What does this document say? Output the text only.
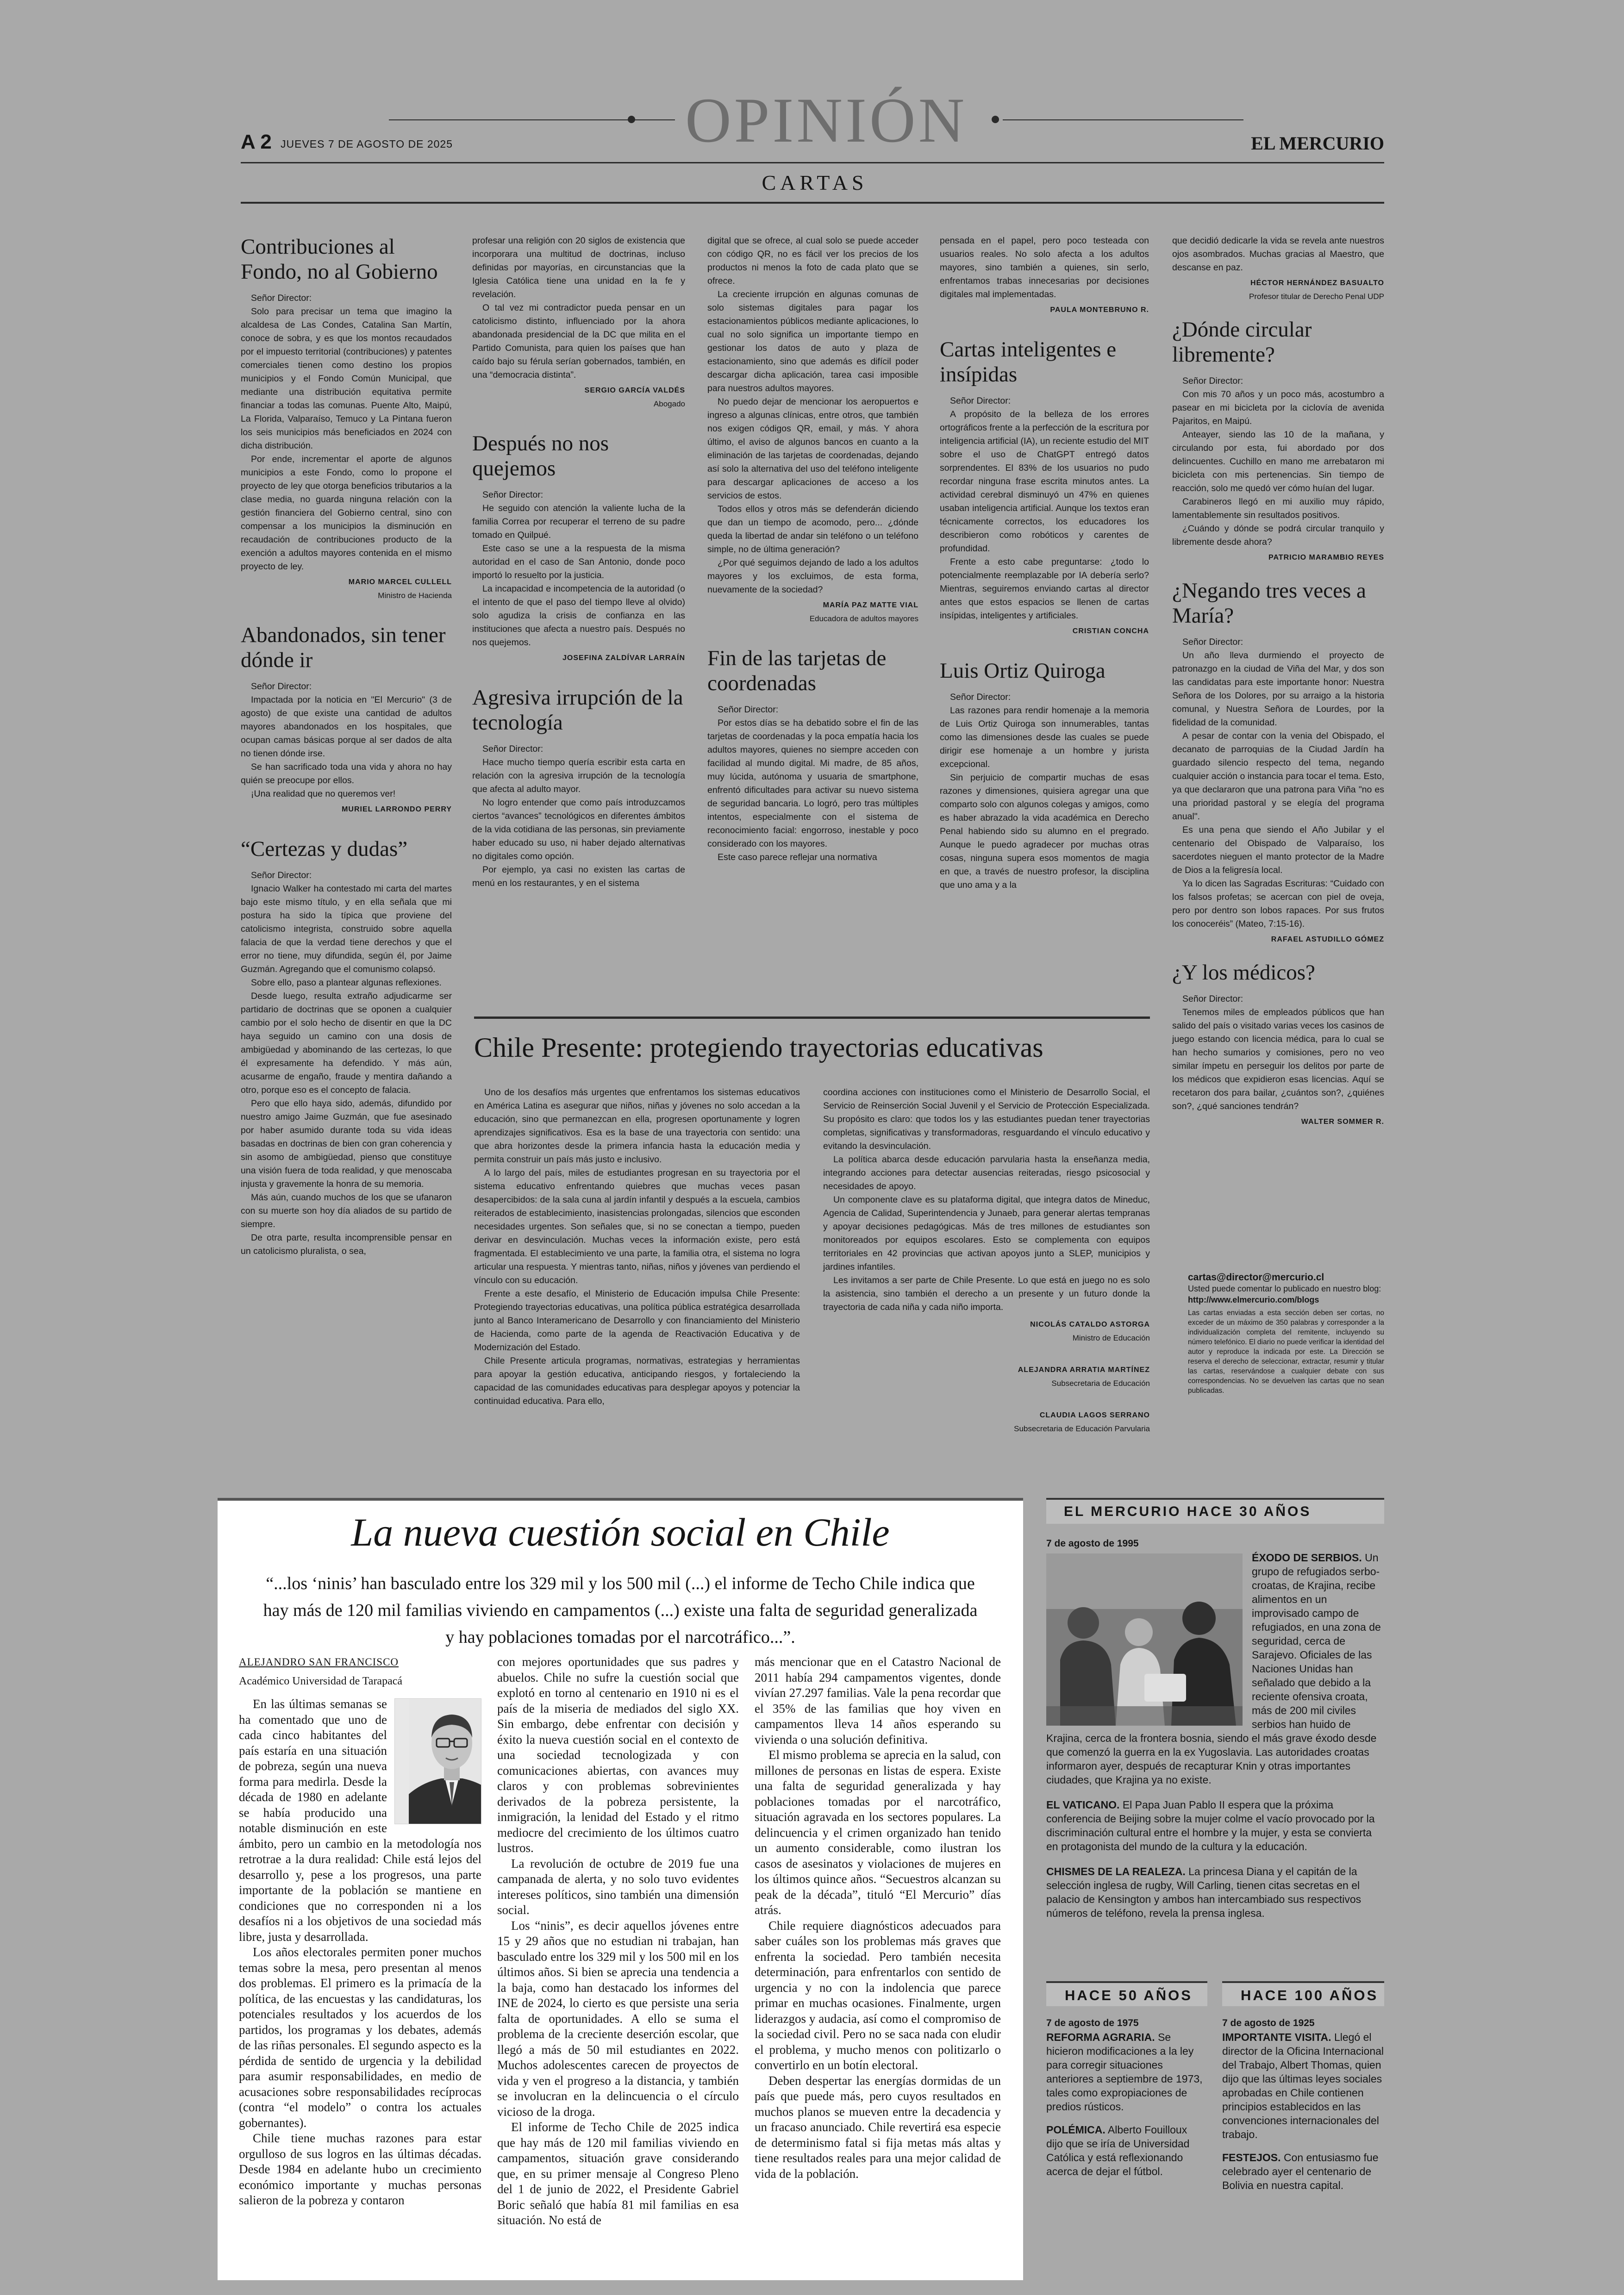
A 2 JUEVES 7 DE AGOSTO DE 2025	OPINIÓN	EL MERCURIO
CARTAS
Contribuciones al Fondo, no al Gobierno

Señor Director:

Solo para precisar un tema que imagino la alcaldesa de Las Condes, Catalina San Martín, conoce de sobra, y es que los montos recaudados por el impuesto territorial (contribuciones) y patentes comerciales tienen como destino los propios municipios y el Fondo Común Municipal, que mediante una distribución equitativa permite financiar a todas las comunas. Puente Alto, Maipú, La Florida, Valparaíso, Temuco y La Pintana fueron los seis municipios más beneficiados en 2024 con dicha distribución.

Por ende, incrementar el aporte de algunos municipios a este Fondo, como lo propone el proyecto de ley que otorga beneficios tributarios a la clase media, no guarda ninguna relación con la gestión financiera del Gobierno central, sino con compensar a los municipios la disminución en recaudación de contribuciones producto de la exención a adultos mayores contenida en el mismo proyecto de ley.

MARIO MARCEL CULLELL
Ministro de Hacienda
Abandonados, sin tener dónde ir

Señor Director:

Impactada por la noticia en "El Mercurio" (3 de agosto) de que existe una cantidad de adultos mayores abandonados en los hospitales, que ocupan camas básicas porque al ser dados de alta no tienen dónde irse.

Se han sacrificado toda una vida y ahora no hay quién se preocupe por ellos.

¡Una realidad que no queremos ver!

MURIEL LARRONDO PERRY
“Certezas y dudas”

Señor Director:

Ignacio Walker ha contestado mi carta del martes bajo este mismo título, y en ella señala que mi postura ha sido la típica que proviene del catolicismo integrista, construido sobre aquella falacia de que la verdad tiene derechos y que el error no tiene, muy difundida, según él, por Jaime Guzmán. Agregando que el comunismo colapsó.

Sobre ello, paso a plantear algunas reflexiones.

Desde luego, resulta extraño adjudicarme ser partidario de doctrinas que se oponen a cualquier cambio por el solo hecho de disentir en que la DC haya seguido un camino con una dosis de ambigüedad y abominando de las certezas, lo que él expresamente ha defendido. Y más aún, acusarme de engaño, fraude y mentira dañando a otro, porque eso es el concepto de falacia.

Pero que ello haya sido, además, difundido por nuestro amigo Jaime Guzmán, que fue asesinado por haber asumido durante toda su vida ideas basadas en doctrinas de bien con gran coherencia y sin asomo de ambigüedad, pienso que constituye una visión fuera de toda realidad, y que menoscaba injusta y gravemente la honra de su memoria.

Más aún, cuando muchos de los que se ufanaron con su muerte son hoy día aliados de su partido de siempre.

De otra parte, resulta incomprensible pensar en un catolicismo pluralista, o sea,

profesar una religión con 20 siglos de existencia que incorporara una multitud de doctrinas, incluso definidas por mayorías, en circunstancias que la Iglesia Católica tiene una unidad en la fe y revelación.

O tal vez mi contradictor pueda pensar en un catolicismo distinto, influenciado por la ahora abandonada presidencial de la DC que milita en el Partido Comunista, para quien los países que han caído bajo su férula serían gobernados, también, en una “democracia distinta”.

SERGIO GARCÍA VALDÉS
Abogado
Después no nos quejemos

Señor Director:

He seguido con atención la valiente lucha de la familia Correa por recuperar el terreno de su padre tomado en Quilpué.

Este caso se une a la respuesta de la misma autoridad en el caso de San Antonio, donde poco importó lo resuelto por la justicia.

La incapacidad e incompetencia de la autoridad (o el intento de que el paso del tiempo lleve al olvido) solo agudiza la crisis de confianza en las instituciones que afecta a nuestro país. Después no nos quejemos.

JOSEFINA ZALDÍVAR LARRAÍN
Agresiva irrupción de la tecnología

Señor Director:

Hace mucho tiempo quería escribir esta carta en relación con la agresiva irrupción de la tecnología que afecta al adulto mayor.

No logro entender que como país introduzcamos ciertos “avances” tecnológicos en diferentes ámbitos de la vida cotidiana de las personas, sin previamente haber educado su uso, ni haber dejado alternativas no digitales como opción.

Por ejemplo, ya casi no existen las cartas de menú en los restaurantes, y en el sistema

digital que se ofrece, al cual solo se puede acceder con código QR, no es fácil ver los precios de los productos ni menos la foto de cada plato que se ofrece.

La creciente irrupción en algunas comunas de solo sistemas digitales para pagar los estacionamientos públicos mediante aplicaciones, lo cual no solo significa un importante tiempo en gestionar los datos de auto y plaza de estacionamiento, sino que además es difícil poder descargar dicha aplicación, tarea casi imposible para nuestros adultos mayores.

No puedo dejar de mencionar los aeropuertos e ingreso a algunas clínicas, entre otros, que también nos exigen códigos QR, email, y más. Y ahora último, el aviso de algunos bancos en cuanto a la eliminación de las tarjetas de coordenadas, dejando así solo la alternativa del uso del teléfono inteligente para descargar aplicaciones de acceso a los servicios de estos.

Todos ellos y otros más se defenderán diciendo que dan un tiempo de acomodo, pero... ¿dónde queda la libertad de andar sin teléfono o un teléfono simple, no de última generación?

¿Por qué seguimos dejando de lado a los adultos mayores y los excluimos, de esta forma, nuevamente de la sociedad?

MARÍA PAZ MATTE VIAL
Educadora de adultos mayores
Fin de las tarjetas de coordenadas

Señor Director:

Por estos días se ha debatido sobre el fin de las tarjetas de coordenadas y la poca empatía hacia los adultos mayores, quienes no siempre acceden con facilidad al mundo digital. Mi madre, de 85 años, muy lúcida, autónoma y usuaria de smartphone, enfrentó dificultades para activar su nuevo sistema de seguridad bancaria. Lo logró, pero tras múltiples intentos, especialmente con el sistema de reconocimiento facial: engorroso, inestable y poco considerado con los mayores.

Este caso parece reflejar una normativa

pensada en el papel, pero poco testeada con usuarios reales. No solo afecta a los adultos mayores, sino también a quienes, sin serlo, enfrentamos trabas innecesarias por decisiones digitales mal implementadas.

PAULA MONTEBRUNO R.
Cartas inteligentes e insípidas

Señor Director:

A propósito de la belleza de los errores ortográficos frente a la perfección de la escritura por inteligencia artificial (IA), un reciente estudio del MIT sobre el uso de ChatGPT entregó datos sorprendentes. El 83% de los usuarios no pudo recordar ninguna frase escrita minutos antes. La actividad cerebral disminuyó un 47% en quienes usaban inteligencia artificial. Aunque los textos eran técnicamente correctos, los educadores los describieron como robóticos y carentes de profundidad.

Frente a esto cabe preguntarse: ¿todo lo potencialmente reemplazable por IA debería serlo? Mientras, seguiremos enviando cartas al director antes que estos espacios se llenen de cartas insípidas, inteligentes y artificiales.

CRISTIAN CONCHA
Luis Ortiz Quiroga

Señor Director:

Las razones para rendir homenaje a la memoria de Luis Ortiz Quiroga son innumerables, tantas como las dimensiones desde las cuales se puede dirigir ese homenaje a un hombre y jurista excepcional.

Sin perjuicio de compartir muchas de esas razones y dimensiones, quisiera agregar una que comparto solo con algunos colegas y amigos, como es haber abrazado la vida académica en Derecho Penal habiendo sido su alumno en el pregrado. Aunque le puedo agradecer por muchas otras cosas, ninguna supera esos momentos de magia en que, a través de nuestro profesor, la disciplina que uno ama y a la

que decidió dedicarle la vida se revela ante nuestros ojos asombrados. Muchas gracias al Maestro, que descanse en paz.

HÉCTOR HERNÁNDEZ BASUALTO
Profesor titular de Derecho Penal UDP
¿Dónde circular libremente?

Señor Director:

Con mis 70 años y un poco más, acostumbro a pasear en mi bicicleta por la ciclovía de avenida Pajaritos, en Maipú.

Anteayer, siendo las 10 de la mañana, y circulando por esta, fui abordado por dos delincuentes. Cuchillo en mano me arrebataron mi bicicleta con mis pertenencias. Sin tiempo de reacción, solo me quedó ver cómo huían del lugar.

Carabineros llegó en mi auxilio muy rápido, lamentablemente sin resultados positivos.

¿Cuándo y dónde se podrá circular tranquilo y libremente desde ahora?

PATRICIO MARAMBIO REYES
¿Negando tres veces a María?

Señor Director:

Un año lleva durmiendo el proyecto de patronazgo en la ciudad de Viña del Mar, y dos son las candidatas para este importante honor: Nuestra Señora de los Dolores, por su arraigo a la historia comunal, y Nuestra Señora de Lourdes, por la fidelidad de la comunidad.

A pesar de contar con la venia del Obispado, el decanato de parroquias de la Ciudad Jardín ha guardado silencio respecto del tema, negando cualquier acción o instancia para tocar el tema. Esto, ya que declararon que una patrona para Viña "no es una prioridad pastoral y se elegía del programa anual".

Es una pena que siendo el Año Jubilar y el centenario del Obispado de Valparaíso, los sacerdotes nieguen el manto protector de la Madre de Dios a la feligresía local.

Ya lo dicen las Sagradas Escrituras: “Cuidado con los falsos profetas; se acercan con piel de oveja, pero por dentro son lobos rapaces. Por sus frutos los conoceréis” (Mateo, 7:15-16).

RAFAEL ASTUDILLO GÓMEZ
¿Y los médicos?

Señor Director:

Tenemos miles de empleados públicos que han salido del país o visitado varias veces los casinos de juego estando con licencia médica, para lo cual se han hecho sumarios y comisiones, pero no veo similar ímpetu en perseguir los delitos por parte de los médicos que expidieron esas licencias. Aquí se recetaron dos para bailar, ¿cuántos son?, ¿quiénes son?, ¿qué sanciones tendrán?

WALTER SOMMER R.
cartas@director@mercurio.cl
Usted puede comentar lo publicado en nuestro blog:
http://www.elmercurio.com/blogs
Las cartas enviadas a esta sección deben ser cortas, no exceder de un máximo de 350 palabras y corresponder a la individualización completa del remitente, incluyendo su número telefónico. El diario no puede verificar la identidad del autor y reproduce la indicada por este. La Dirección se reserva el derecho de seleccionar, extractar, resumir y titular las cartas, reservándose a cualquier debate con sus correspondencias. No se devuelven las cartas que no sean publicadas.
Chile Presente: protegiendo trayectorias educativas

Uno de los desafíos más urgentes que enfrentamos los sistemas educativos en América Latina es asegurar que niños, niñas y jóvenes no solo accedan a la educación, sino que permanezcan en ella, progresen oportunamente y logren aprendizajes significativos. Esa es la base de una trayectoria con sentido: una que abra horizontes desde la primera infancia hasta la educación media y permita construir un país más justo e inclusivo.

A lo largo del país, miles de estudiantes progresan en su trayectoria por el sistema educativo enfrentando quiebres que muchas veces pasan desapercibidos: de la sala cuna al jardín infantil y después a la escuela, cambios reiterados de establecimiento, inasistencias prolongadas, silencios que esconden necesidades urgentes. Son señales que, si no se conectan a tiempo, pueden derivar en desvinculación. Muchas veces la información existe, pero está fragmentada. El establecimiento ve una parte, la familia otra, el sistema no logra articular una respuesta. Y mientras tanto, niñas, niños y jóvenes van perdiendo el vínculo con su educación.

Frente a este desafío, el Ministerio de Educación impulsa Chile Presente: Protegiendo trayectorias educativas, una política pública estratégica desarrollada junto al Banco Interamericano de Desarrollo y con financiamiento del Ministerio de Hacienda, como parte de la agenda de Reactivación Educativa y de Modernización del Estado.

Chile Presente articula programas, normativas, estrategias y herramientas para apoyar la gestión educativa, anticipando riesgos, y fortaleciendo la capacidad de las comunidades educativas para desplegar apoyos y potenciar la continuidad educativa. Para ello,

coordina acciones con instituciones como el Ministerio de Desarrollo Social, el Servicio de Reinserción Social Juvenil y el Servicio de Protección Especializada. Su propósito es claro: que todos los y las estudiantes puedan tener trayectorias completas, significativas y transformadoras, resguardando el vínculo educativo y evitando la desvinculación.

La política abarca desde educación parvularia hasta la enseñanza media, integrando acciones para detectar ausencias reiteradas, riesgo psicosocial y necesidades de apoyo.

Un componente clave es su plataforma digital, que integra datos de Mineduc, Agencia de Calidad, Superintendencia y Junaeb, para generar alertas tempranas y apoyar decisiones pedagógicas. Más de tres millones de estudiantes son monitoreados por equipos escolares. Esto se complementa con equipos territoriales en 42 provincias que activan apoyos junto a SLEP, municipios y jardines infantiles.

Les invitamos a ser parte de Chile Presente. Lo que está en juego no es solo la asistencia, sino también el derecho a un presente y un futuro donde la trayectoria de cada niña y cada niño importa.

NICOLÁS CATALDO ASTORGA
Ministro de Educación
ALEJANDRA ARRATIA MARTÍNEZ
Subsecretaria de Educación
CLAUDIA LAGOS SERRANO
Subsecretaria de Educación Parvularia
La nueva cuestión social en Chile
“...los ‘ninis’ han basculado entre los 329 mil y los 500 mil (...) el informe de Techo Chile indica que hay más de 120 mil familias viviendo en campamentos (...) existe una falta de seguridad generalizada y hay poblaciones tomadas por el narcotráfico...”.
ALEJANDRO SAN FRANCISCO
Académico Universidad de Tarapacá

En las últimas semanas se ha comentado que uno de cada cinco habitantes del país estaría en una situación de pobreza, según una nueva forma para medirla. Desde la década de 1980 en adelante se había producido una notable disminución en este ámbito, pero un cambio en la metodología nos retrotrae a la dura realidad: Chile está lejos del desarrollo y, pese a los progresos, una parte importante de la población se mantiene en condiciones que no corresponden ni a los desafíos ni a los objetivos de una sociedad más libre, justa y desarrollada.

Los años electorales permiten poner muchos temas sobre la mesa, pero presentan al menos dos problemas. El primero es la primacía de la política, de las encuestas y las candidaturas, los potenciales resultados y los acuerdos de los partidos, los programas y los debates, además de las riñas personales. El segundo aspecto es la pérdida de sentido de urgencia y la debilidad para asumir responsabilidades, en medio de acusaciones sobre responsabilidades recíprocas (contra “el modelo” o contra los actuales gobernantes).

Chile tiene muchas razones para estar orgulloso de sus logros en las últimas décadas. Desde 1984 en adelante hubo un crecimiento económico importante y muchas personas salieron de la pobreza y contaron

con mejores oportunidades que sus padres y abuelos. Chile no sufre la cuestión social que explotó en torno al centenario en 1910 ni es el país de la miseria de mediados del siglo XX. Sin embargo, debe enfrentar con decisión y éxito la nueva cuestión social en el contexto de una sociedad tecnologizada y con comunicaciones abiertas, con avances muy claros y con problemas sobrevinientes derivados de la pobreza persistente, la inmigración, la lenidad del Estado y el ritmo mediocre del crecimiento de los últimos cuatro lustros.

La revolución de octubre de 2019 fue una campanada de alerta, y no solo tuvo evidentes intereses políticos, sino también una dimensión social.

Los “ninis”, es decir aquellos jóvenes entre 15 y 29 años que no estudian ni trabajan, han basculado entre los 329 mil y los 500 mil en los últimos años. Si bien se aprecia una tendencia a la baja, como han destacado los informes del INE de 2024, lo cierto es que persiste una seria falta de oportunidades. A ello se suma el problema de la creciente deserción escolar, que llegó a más de 50 mil estudiantes en 2022. Muchos adolescentes carecen de proyectos de vida y ven el progreso a la distancia, y también se involucran en la delincuencia o el círculo vicioso de la droga.

El informe de Techo Chile de 2025 indica que hay más de 120 mil familias viviendo en campamentos, situación grave considerando que, en su primer mensaje al Congreso Pleno del 1 de junio de 2022, el Presidente Gabriel Boric señaló que había 81 mil familias en esa situación. No está de

más mencionar que en el Catastro Nacional de 2011 había 294 campamentos vigentes, donde vivían 27.297 familias. Vale la pena recordar que el 35% de las familias que hoy viven en campamentos lleva 14 años esperando su vivienda o una solución definitiva.

El mismo problema se aprecia en la salud, con millones de personas en listas de espera. Existe una falta de seguridad generalizada y hay poblaciones tomadas por el narcotráfico, situación agravada en los sectores populares. La delincuencia y el crimen organizado han tenido un aumento considerable, como ilustran los casos de asesinatos y violaciones de mujeres en los últimos quince años. “Secuestros alcanzan su peak de la década”, tituló “El Mercurio” días atrás.

Chile requiere diagnósticos adecuados para saber cuáles son los problemas más graves que enfrenta la sociedad. Pero también necesita determinación, para enfrentarlos con sentido de urgencia y no con la indolencia que parece primar en muchas ocasiones. Finalmente, urgen liderazgos y audacia, así como el compromiso de la sociedad civil. Pero no se saca nada con eludir el problema, y mucho menos con politizarlo o convertirlo en un botín electoral.

Deben despertar las energías dormidas de un país que puede más, pero cuyos resultados en muchos planos se mueven entre la decadencia y un fracaso anunciado. Chile revertirá esa especie de determinismo fatal si fija metas más altas y tiene resultados reales para una mejor calidad de vida de la población.

EL MERCURIO HACE 30 AÑOS
7 de agosto de 1995
ÉXODO DE SERBIOS. Un grupo de refugiados serbo-croatas, de Krajina, recibe alimentos en un improvisado campo de refugiados, en una zona de seguridad, cerca de Sarajevo. Oficiales de las Naciones Unidas han señalado que debido a la reciente ofensiva croata, más de 200 mil civiles serbios han huido de
Krajina, cerca de la frontera bosnia, siendo el más grave éxodo desde que comenzó la guerra en la ex Yugoslavia. Las autoridades croatas informaron ayer, después de recapturar Knin y otras importantes ciudades, que Krajina ya no existe.
EL VATICANO. El Papa Juan Pablo II espera que la próxima conferencia de Beijing sobre la mujer colme el vacío provocado por la discriminación cultural entre el hombre y la mujer, y esta se convierta en protagonista del mundo de la cultura y la educación.
CHISMES DE LA REALEZA. La princesa Diana y el capitán de la selección inglesa de rugby, Will Carling, tienen citas secretas en el palacio de Kensington y ambos han intercambiado sus respectivos números de teléfono, revela la prensa inglesa.
HACE 50 AÑOS
7 de agosto de 1975
REFORMA AGRARIA. Se hicieron modificaciones a la ley para corregir situaciones anteriores a septiembre de 1973, tales como expropiaciones de predios rústicos.
POLÉMICA. Alberto Fouilloux dijo que se iría de Universidad Católica y está reflexionando acerca de dejar el fútbol.
HACE 100 AÑOS
7 de agosto de 1925
IMPORTANTE VISITA. Llegó el director de la Oficina Internacional del Trabajo, Albert Thomas, quien dijo que las últimas leyes sociales aprobadas en Chile contienen principios establecidos en las convenciones internacionales del trabajo.
FESTEJOS. Con entusiasmo fue celebrado ayer el centenario de Bolivia en nuestra capital.
